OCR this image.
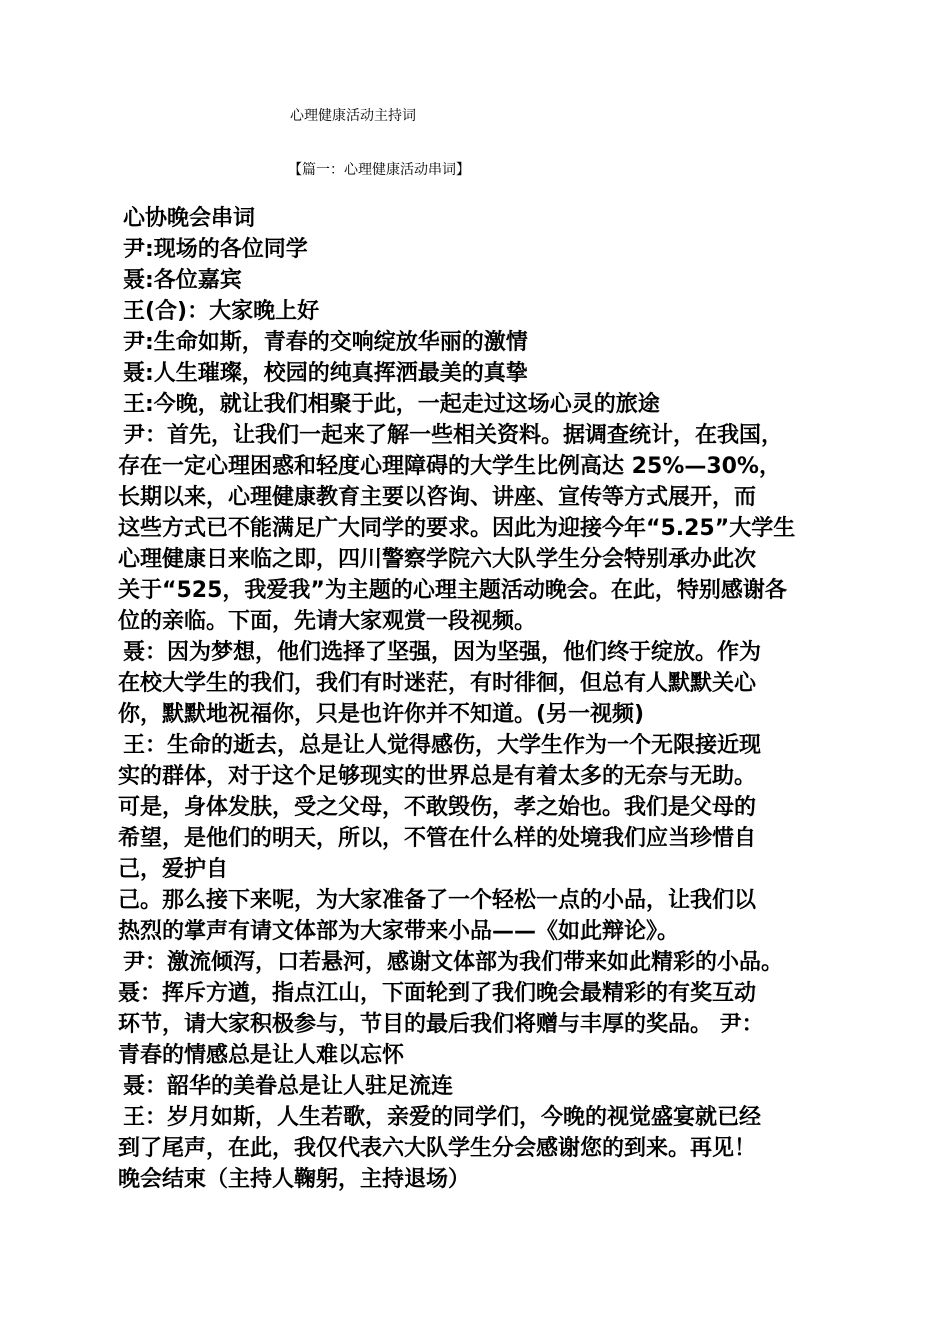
心理健康活动主持词
【篇一：心理健康活动串词】
心协晚会串词
尹:现场的各位同学
聂:各位嘉宾
王(合)：大家晚上好
尹:生命如斯，青春的交响绽放华丽的激情
聂:人生璀璨，校园的纯真挥洒最美的真挚
王:今晚，就让我们相聚于此，一起走过这场心灵的旅途
尹：首先，让我们一起来了解一些相关资料。据调查统计，在我国，
存在一定心理困惑和轻度心理障碍的大学生比例高达 25%—30%，
长期以来，心理健康教育主要以咨询、讲座、宣传等方式展开，而
这些方式已不能满足广大同学的要求。因此为迎接今年“5.25”大学生
心理健康日来临之即，四川警察学院六大队学生分会特别承办此次
关于“525，我爱我”为主题的心理主题活动晚会。在此，特别感谢各
位的亲临。下面，先请大家观赏一段视频。
聂：因为梦想，他们选择了坚强，因为坚强，他们终于绽放。作为
在校大学生的我们，我们有时迷茫，有时徘徊，但总有人默默关心
你，默默地祝福你，只是也许你并不知道。(另一视频)
王：生命的逝去，总是让人觉得感伤，大学生作为一个无限接近现
实的群体，对于这个足够现实的世界总是有着太多的无奈与无助。
可是，身体发肤，受之父母，不敢毁伤，孝之始也。我们是父母的
希望，是他们的明天，所以，不管在什么样的处境我们应当珍惜自
己，爱护自
己。那么接下来呢，为大家准备了一个轻松一点的小品，让我们以
热烈的掌声有请文体部为大家带来小品——《如此辩论》。
尹：激流倾泻，口若悬河，感谢文体部为我们带来如此精彩的小品。
聂：挥斥方遒，指点江山，下面轮到了我们晚会最精彩的有奖互动
环节，请大家积极参与，节目的最后我们将赠与丰厚的奖品。 尹：
青春的情感总是让人难以忘怀
聂：韶华的美眷总是让人驻足流连
王：岁月如斯，人生若歌，亲爱的同学们，今晚的视觉盛宴就已经
到了尾声，在此，我仅代表六大队学生分会感谢您的到来。再见！
晚会结束（主持人鞠躬，主持退场）
